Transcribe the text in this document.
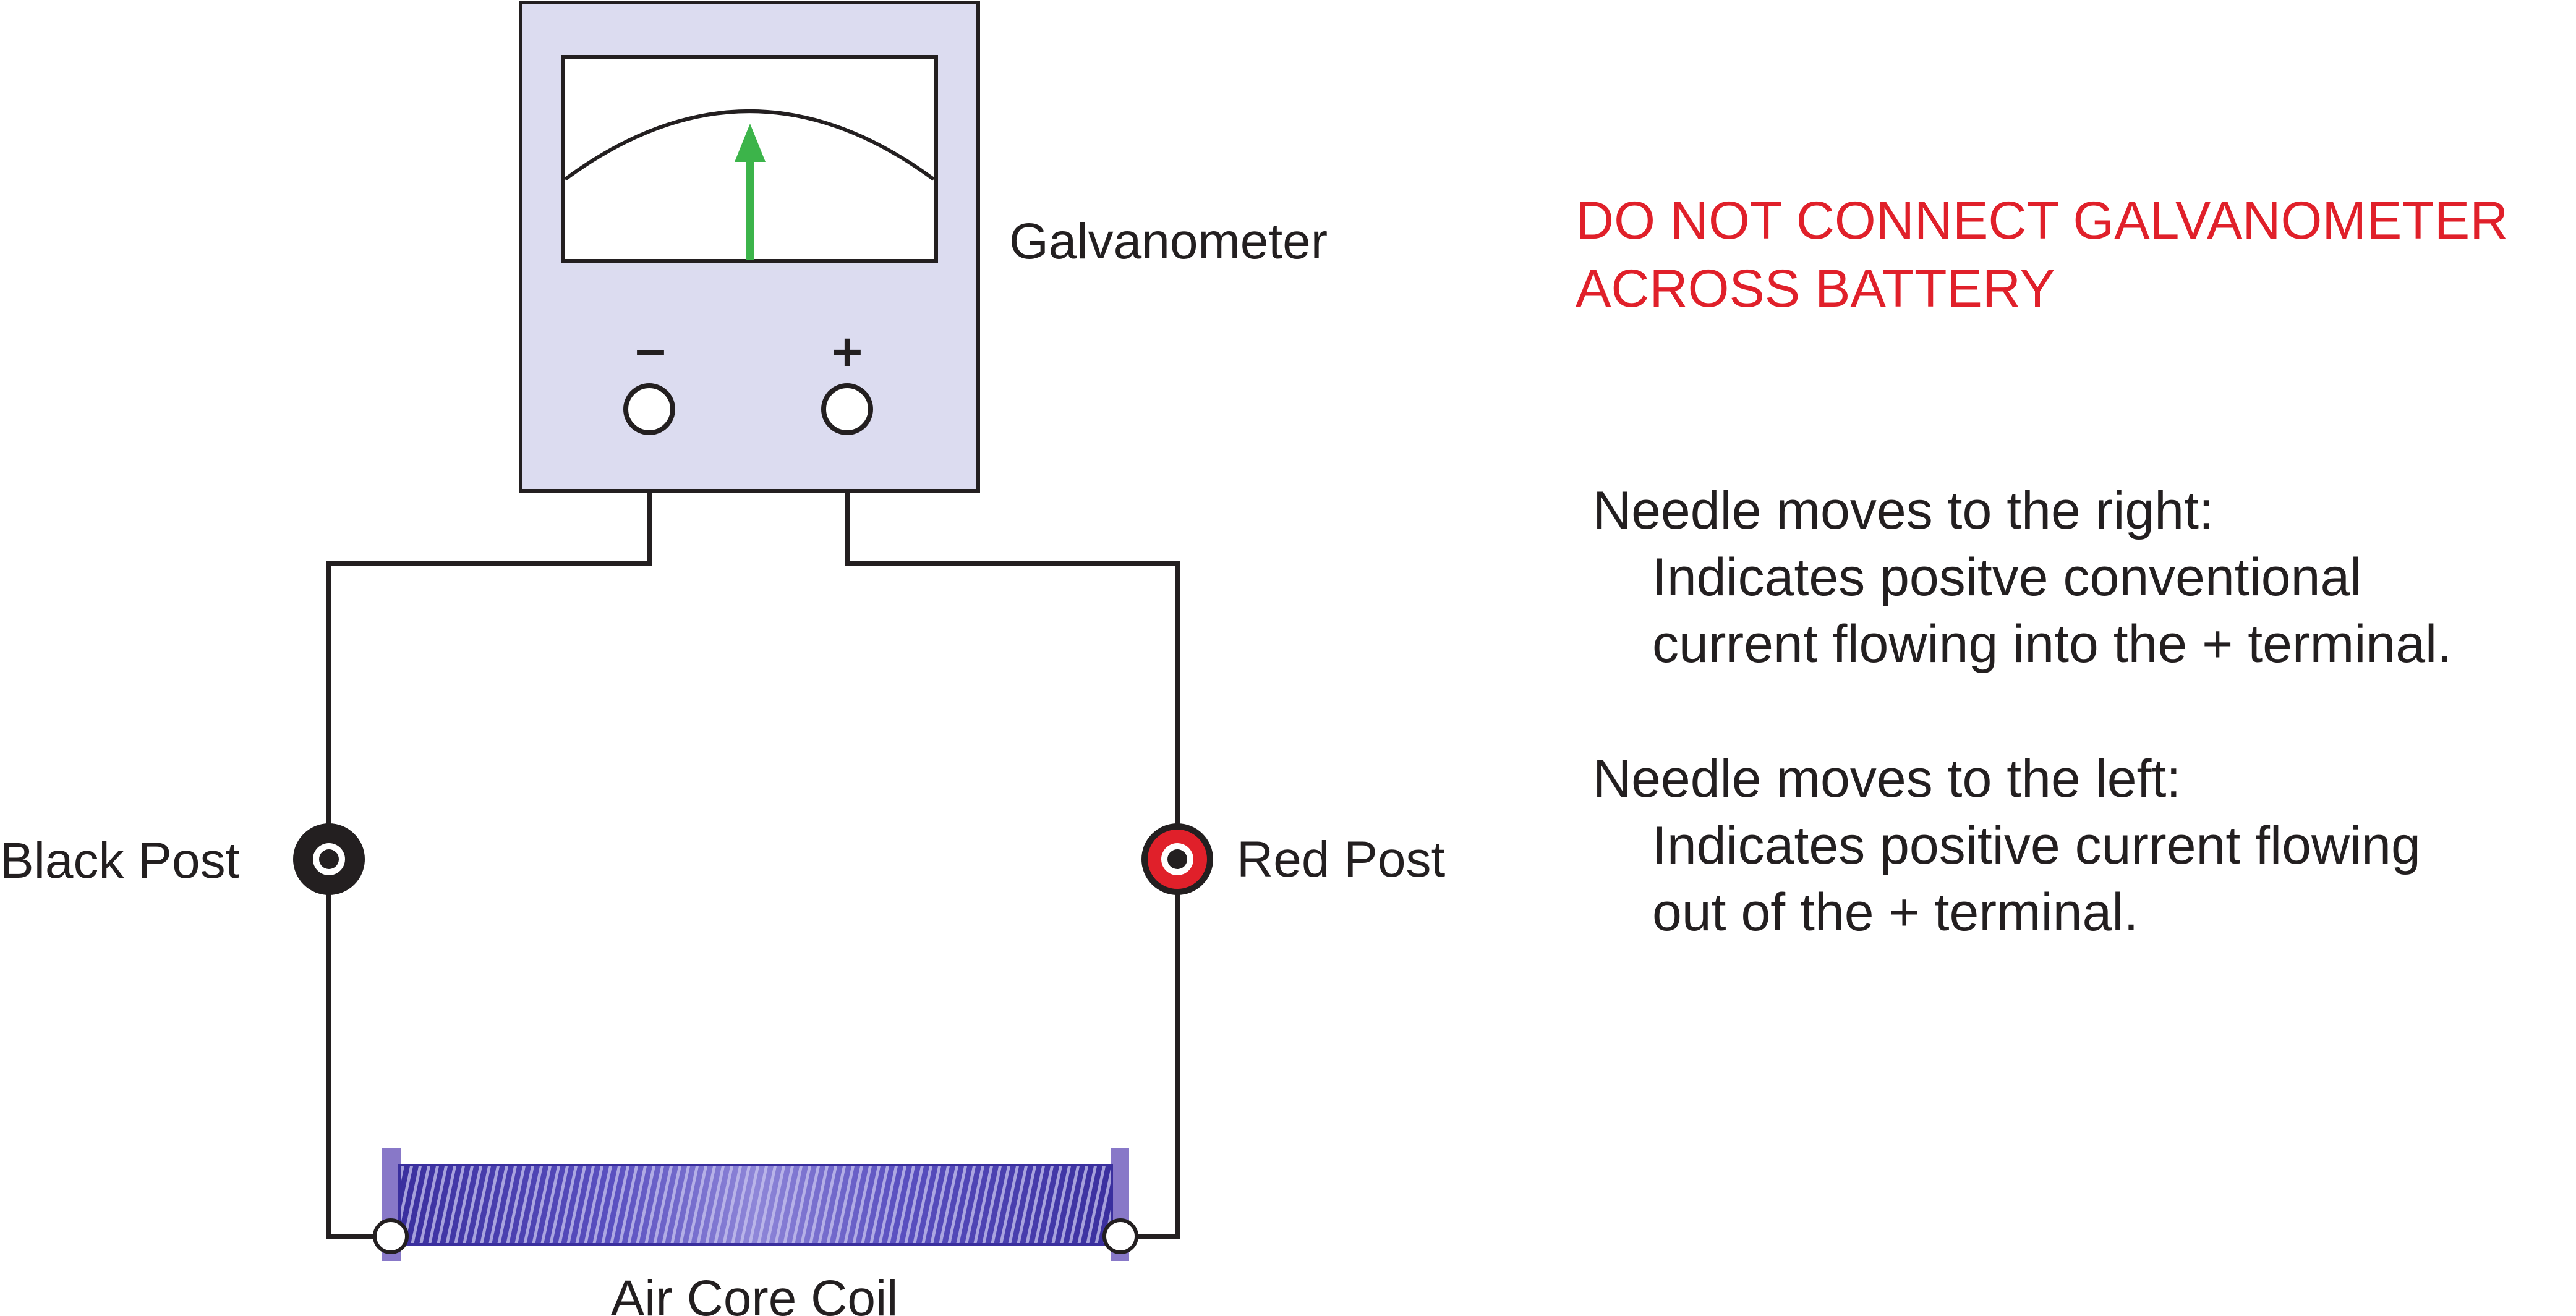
−	+
Galvanometer
Black Post	Red Post
Air Core Coil
DO NOT CONNECT GALVANOMETER
ACROSS BATTERY
Needle moves to the right:
Indicates positve conventional
current flowing into the + terminal.
Needle moves to the left:
Indicates positive current flowing
out of the + terminal.
